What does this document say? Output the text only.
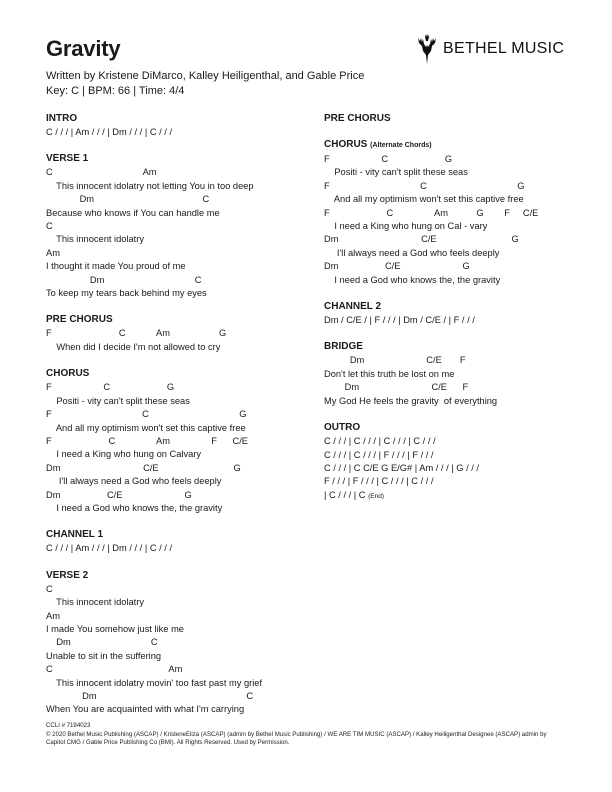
Gravity
Written by Kristene DiMarco, Kalley Heiligenthal, and Gable Price
Key: C | BPM: 66 | Time: 4/4
BETHEL MUSIC
INTRO
C / / / | Am / / / | Dm / / / | C / / /
VERSE 1
C                                   Am
This innocent idolatry not letting You in too deep
Dm                                          C
Because who knows if You can handle me
C
This innocent idolatry
Am
I thought it made You proud of me
Dm                                   C
To keep my tears back behind my eyes
PRE CHORUS
F                          C            Am                   G
When did I decide I'm not allowed to cry
CHORUS
F                    C                      G
Positi - vity can't split these seas
F                                   C                                   G
And all my optimism won't set this captive free
F                      C                Am                F      C/E
I need a King who hung on Calvary
Dm                                C/E                             G
I'll always need a God who feels deeply
Dm                  C/E                        G
I need a God who knows the, the gravity
CHANNEL 1
C / / / | Am / / / | Dm / / / | C / / /
VERSE 2
C
This innocent idolatry
Am
I made You somehow just like me
Dm                               C
Unable to sit in the suffering
C                                             Am
This innocent idolatry movin' too fast past my grief
Dm                                                          C
When You are acquainted with what I'm carrying
PRE CHORUS
CHORUS (Alternate Chords)
F                    C                      G
Positi - vity can't split these seas
F                                   C                                   G
And all my optimism won't set this captive free
F                      C                Am           G        F     C/E
I need a King who hung on Cal - vary
Dm                                C/E                             G
I'll always need a God who feels deeply
Dm                  C/E                        G
I need a God who knows the, the gravity
CHANNEL 2
Dm / C/E / | F / / / | Dm / C/E / | F / / /
BRIDGE
Dm                        C/E       F
Don't let this truth be lost on me
Dm                            C/E      F
My God He feels the gravity  of everything
OUTRO
C / / / | C / / / | C / / / | C / / /
C / / / | C / / / | F / / / | F / / /
C / / / | C C/E G E/G# | Am / / / | G / / /
F / / / | F / / / | C / / / | C / / /
| C / / / | C (End)
CCLI # 7194023
© 2020 Bethel Music Publishing (ASCAP) / KristeneEliza (ASCAP) (admin by Bethel Music Publishing) / WE ARE TIM MUSIC (ASCAP) / Kalley Heiligenthal Designee (ASCAP) admin by Capitol CMG / Gable Price Publishing Co (BMI). All Rights Reserved. Used by Permission.
